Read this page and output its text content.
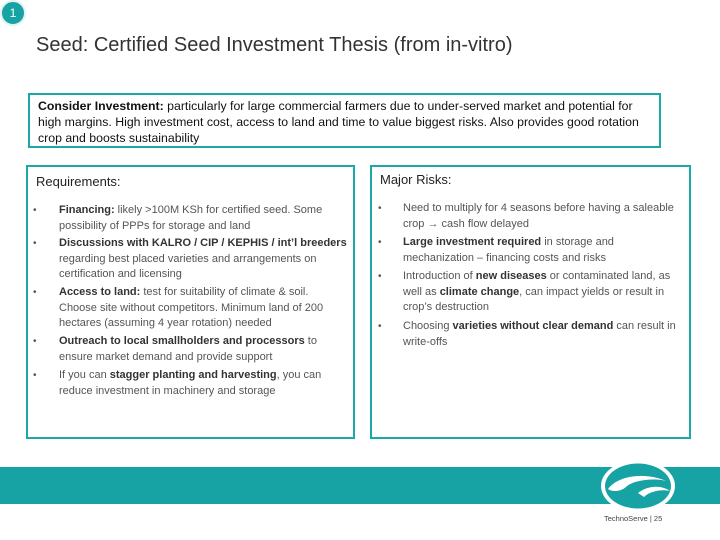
1
Seed: Certified Seed Investment Thesis (from in-vitro)
Consider Investment: particularly for large commercial farmers due to under-served market and potential for high margins. High investment cost, access to land and time to value biggest risks. Also provides good rotation crop and boosts sustainability
Requirements:
• Financing: likely >100M KSh for certified seed. Some possibility of PPPs for storage and land
• Discussions with KALRO / CIP / KEPHIS / int’l breeders regarding best placed varieties and arrangements on certification and licensing
• Access to land: test for suitability of climate & soil. Choose site without competitors. Minimum land of 200 hectares (assuming 4 year rotation) needed
• Outreach to local smallholders and processors to ensure market demand and provide support
• If you can stagger planting and harvesting, you can reduce investment in machinery and storage
Major Risks:
• Need to multiply for 4 seasons before having a saleable crop → cash flow delayed
• Large investment required in storage and mechanization – financing costs and risks
• Introduction of new diseases or contaminated land, as well as climate change, can impact yields or result in crop’s destruction
• Choosing varieties without clear demand can result in write-offs
TechnoServe | 25
